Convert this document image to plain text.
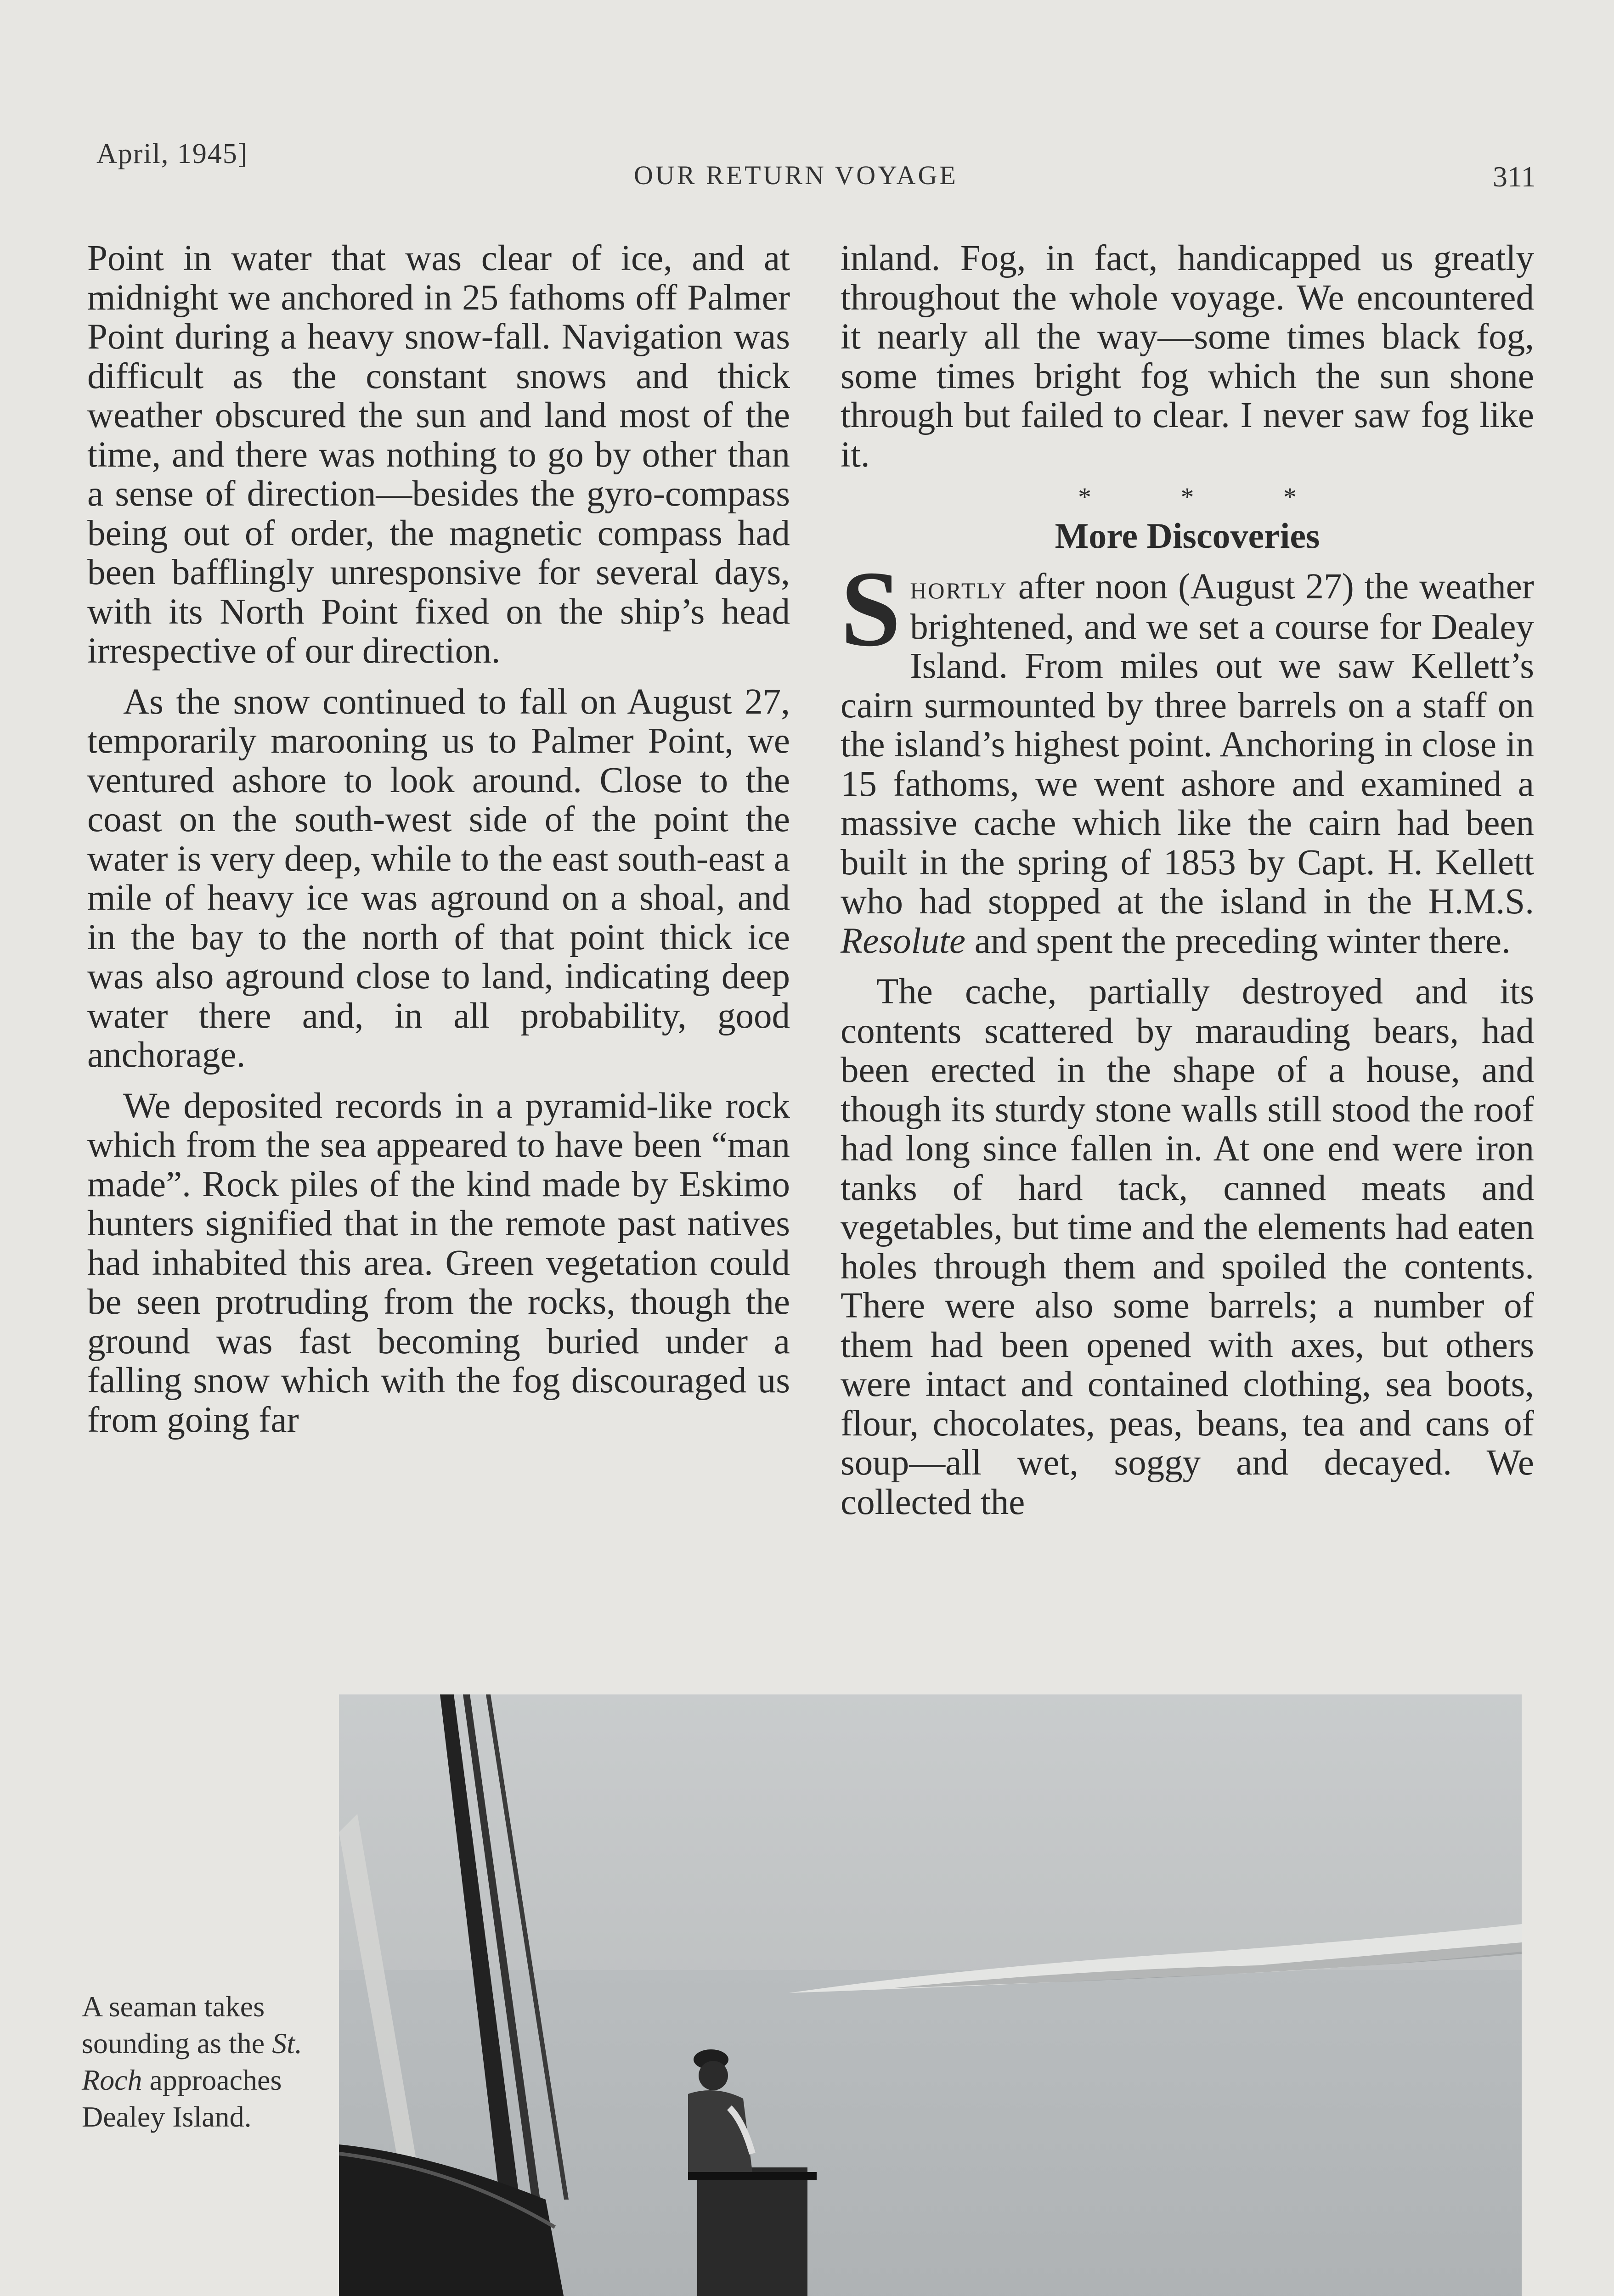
April, 1945]
OUR RETURN VOYAGE	311

Point in water that was clear of ice, and at midnight we anchored in 25 fathoms off Palmer Point during a heavy snow-fall. Navigation was difficult as the constant snows and thick weather obscured the sun and land most of the time, and there was nothing to go by other than a sense of direction—besides the gyro-compass being out of order, the magnetic compass had been bafflingly unresponsive for several days, with its North Point fixed on the ship’s head irrespective of our direction.

As the snow continued to fall on August 27, temporarily marooning us to Palmer Point, we ventured ashore to look around. Close to the coast on the south-west side of the point the water is very deep, while to the east south-east a mile of heavy ice was aground on a shoal, and in the bay to the north of that point thick ice was also aground close to land, indicating deep water there and, in all probability, good anchorage.

We deposited records in a pyramid-like rock which from the sea appeared to have been “man made”. Rock piles of the kind made by Eskimo hunters signified that in the remote past natives had inhabited this area. Green vegetation could be seen protruding from the rocks, though the ground was fast becoming buried under a falling snow which with the fog discouraged us from going far

inland. Fog, in fact, handicapped us greatly throughout the whole voyage. We encountered it nearly all the way—some times black fog, some times bright fog which the sun shone through but failed to clear. I never saw fog like it.

* * *
More Discoveries

Shortly after noon (August 27) the weather brightened, and we set a course for Dealey Island. From miles out we saw Kellett’s cairn surmounted by three barrels on a staff on the island’s highest point. Anchoring in close in 15 fathoms, we went ashore and examined a massive cache which like the cairn had been built in the spring of 1853 by Capt. H. Kellett who had stopped at the island in the H.M.S. Resolute and spent the preceding winter there.

The cache, partially destroyed and its contents scattered by marauding bears, had been erected in the shape of a house, and though its sturdy stone walls still stood the roof had long since fallen in. At one end were iron tanks of hard tack, canned meats and vegetables, but time and the elements had eaten holes through them and spoiled the contents. There were also some barrels; a number of them had been opened with axes, but others were intact and contained clothing, sea boots, flour, chocolates, peas, beans, tea and cans of soup—all wet, soggy and decayed. We collected the

A seaman takes sounding as the St. Roch approaches Dealey Island.
